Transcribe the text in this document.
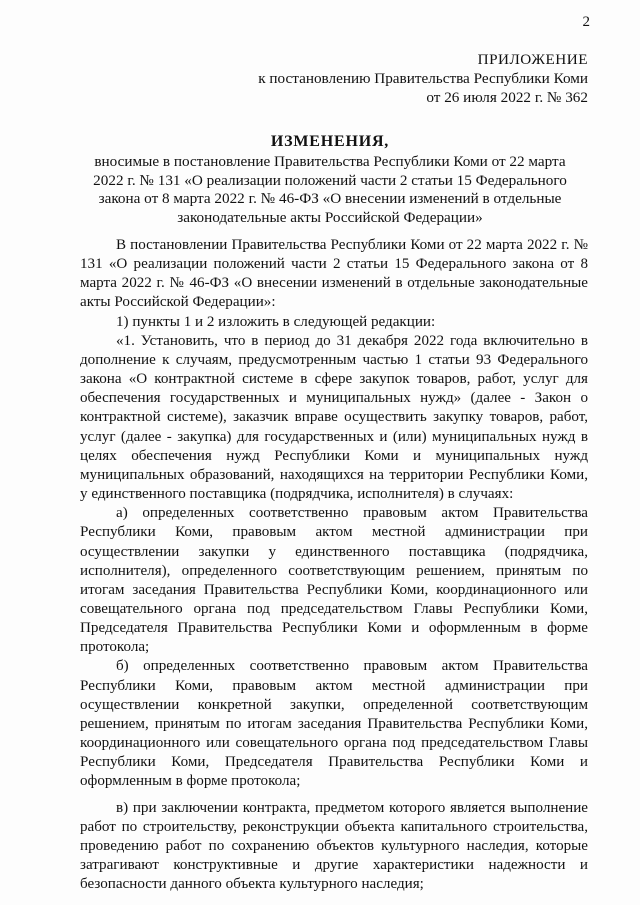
2
ПРИЛОЖЕНИЕ
к постановлению Правительства Республики Коми
от 26 июля 2022 г. № 362
ИЗМЕНЕНИЯ,
вносимые в постановление Правительства Республики Коми от 22 марта 2022 г. № 131 «О реализации положений части 2 статьи 15 Федерального закона от 8 марта 2022 г. № 46-ФЗ «О внесении изменений в отдельные законодательные акты Российской Федерации»

В постановлении Правительства Республики Коми от 22 марта 2022 г. № 131 «О реализации положений части 2 статьи 15 Федерального закона от 8 марта 2022 г. № 46-ФЗ «О внесении изменений в отдельные законодательные акты Российской Федерации»:

1) пункты 1 и 2 изложить в следующей редакции:

«1. Установить, что в период до 31 декабря 2022 года включительно в дополнение к случаям, предусмотренным частью 1 статьи 93 Федерального закона «О контрактной системе в сфере закупок товаров, работ, услуг для обеспечения государственных и муниципальных нужд» (далее - Закон о контрактной системе), заказчик вправе осуществить закупку товаров, работ, услуг (далее - закупка) для государственных и (или) муниципальных нужд в целях обеспечения нужд Республики Коми и муниципальных нужд муниципальных образований, находящихся на территории Республики Коми, у единственного поставщика (подрядчика, исполнителя) в случаях:

а) определенных соответственно правовым актом Правительства Республики Коми, правовым актом местной администрации при осуществлении закупки у единственного поставщика (подрядчика, исполнителя), определенного соответствующим решением, принятым по итогам заседания Правительства Республики Коми, координационного или совещательного органа под председательством Главы Республики Коми, Председателя Правительства Республики Коми и оформленным в форме протокола;

б) определенных соответственно правовым актом Правительства Республики Коми, правовым актом местной администрации при осуществлении конкретной закупки, определенной соответствующим решением, принятым по итогам заседания Правительства Республики Коми, координационного или совещательного органа под председательством Главы Республики Коми, Председателя Правительства Республики Коми и оформленным в форме протокола;

в) при заключении контракта, предметом которого является выполнение работ по строительству, реконструкции объекта капитального строительства, проведению работ по сохранению объектов культурного наследия, которые затрагивают конструктивные и другие характеристики надежности и безопасности данного объекта культурного наследия;
